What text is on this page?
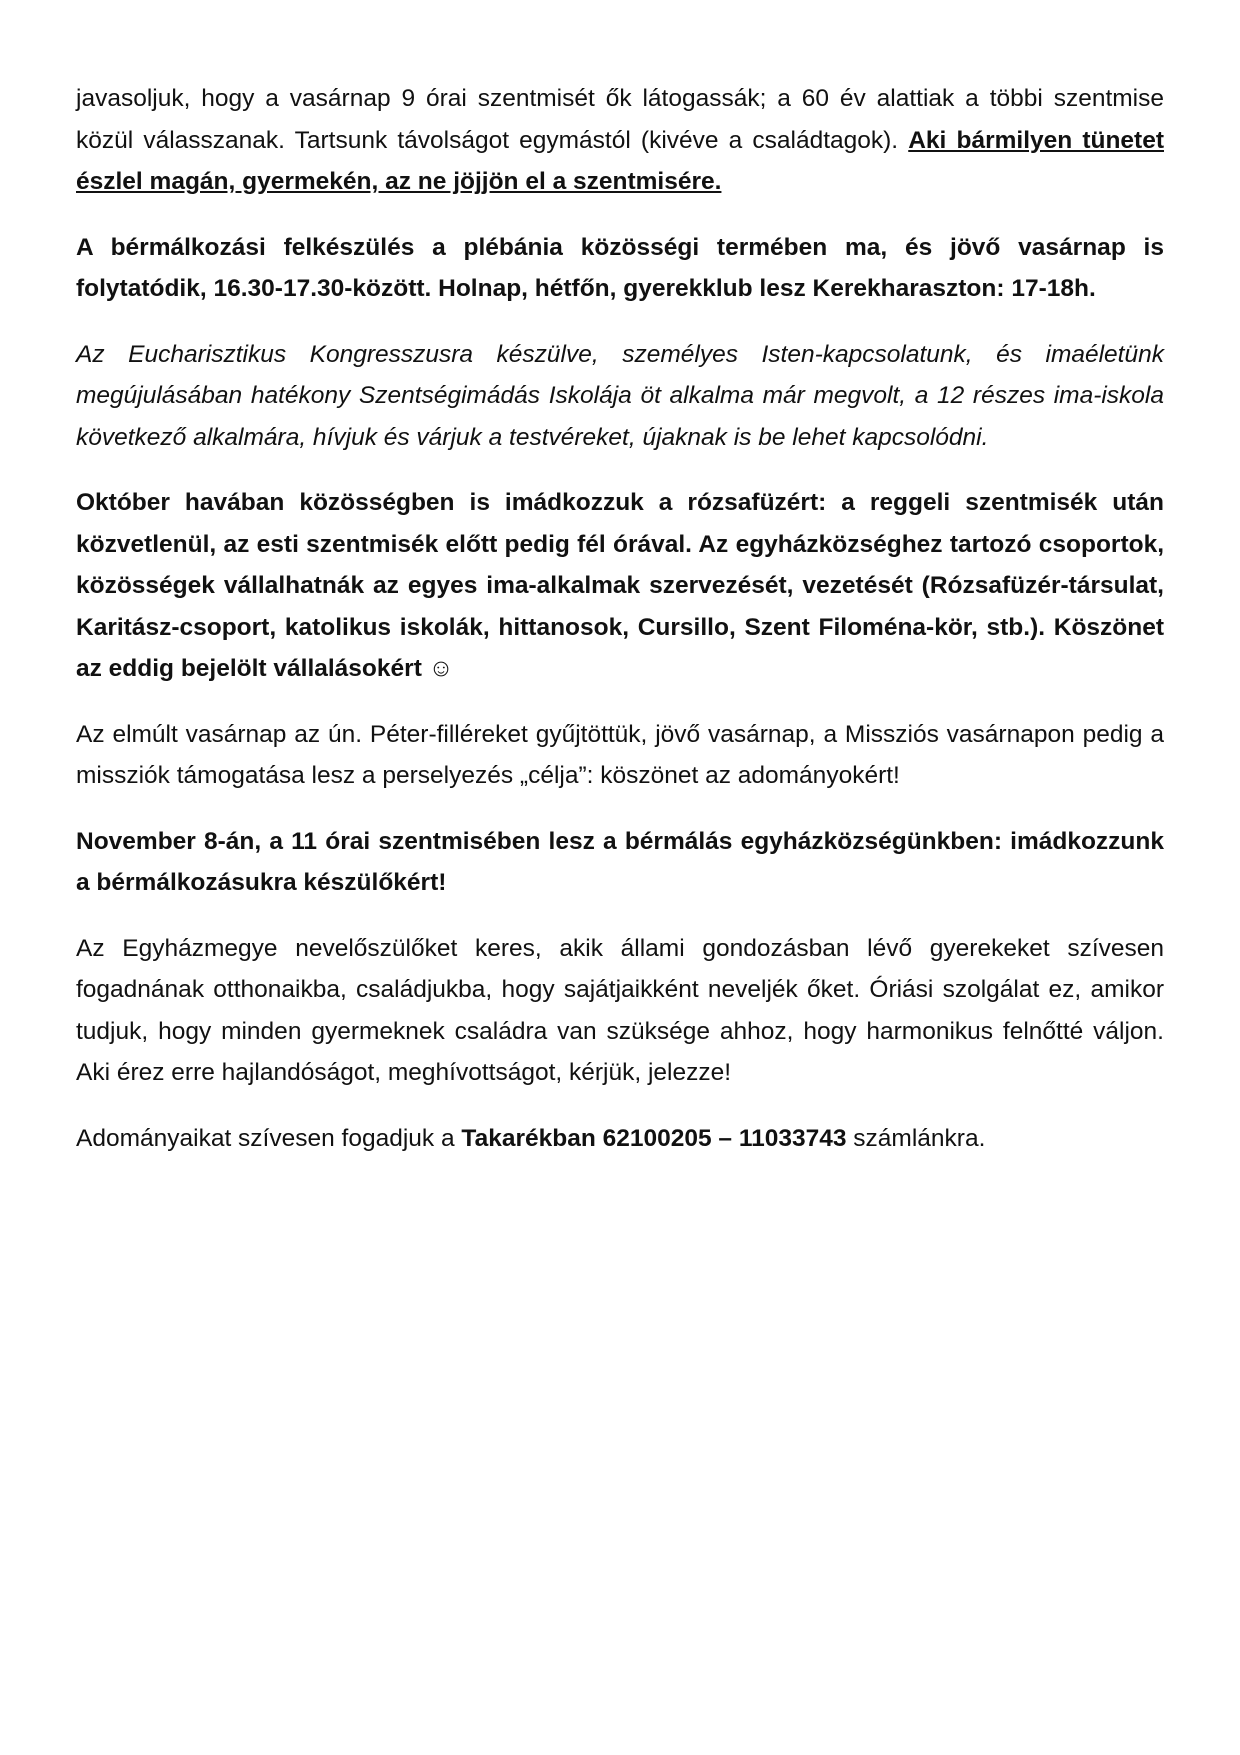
javasoljuk, hogy a vasárnap 9 órai szentmisét ők látogassák; a 60 év alattiak a többi szentmise közül válasszanak. Tartsunk távolságot egymástól (kivéve a családtagok). Aki bármilyen tünetet észlel magán, gyermekén, az ne jöjjön el a szentmisére.

A bérmálkozási felkészülés a plébánia közösségi termében ma, és jövő vasárnap is folytatódik, 16.30-17.30-között. Holnap, hétfőn, gyerekklub lesz Kerekharaszton: 17-18h.

Az Eucharisztikus Kongresszusra készülve, személyes Isten-kapcsolatunk, és imaéletünk megújulásában hatékony Szentségimádás Iskolája öt alkalma már megvolt, a 12 részes ima-iskola következő alkalmára, hívjuk és várjuk a testvéreket, újaknak is be lehet kapcsolódni.

Október havában közösségben is imádkozzuk a rózsafüzért: a reggeli szentmisék után közvetlenül, az esti szentmisék előtt pedig fél órával. Az egyházközséghez tartozó csoportok, közösségek vállalhatnák az egyes ima-alkalmak szervezését, vezetését (Rózsafüzér-társulat, Karitász-csoport, katolikus iskolák, hittanosok, Cursillo, Szent Filoména-kör, stb.). Köszönet az eddig bejelölt vállalásokért ☺

Az elmúlt vasárnap az ún. Péter-filléreket gyűjtöttük, jövő vasárnap, a Missziós vasárnapon pedig a missziók támogatása lesz a perselyezés „célja”: köszönet az adományokért!

November 8-án, a 11 órai szentmisében lesz a bérmálás egyházközségünkben: imádkozzunk a bérmálkozásukra készülőkért!

Az Egyházmegye nevelőszülőket keres, akik állami gondozásban lévő gyerekeket szívesen fogadnának otthonaikba, családjukba, hogy sajátjaikként neveljék őket. Óriási szolgálat ez, amikor tudjuk, hogy minden gyermeknek családra van szüksége ahhoz, hogy harmonikus felnőtté váljon. Aki érez erre hajlandóságot, meghívottságot, kérjük, jelezze!

Adományaikat szívesen fogadjuk a Takarékban 62100205 – 11033743 számlánkra.
